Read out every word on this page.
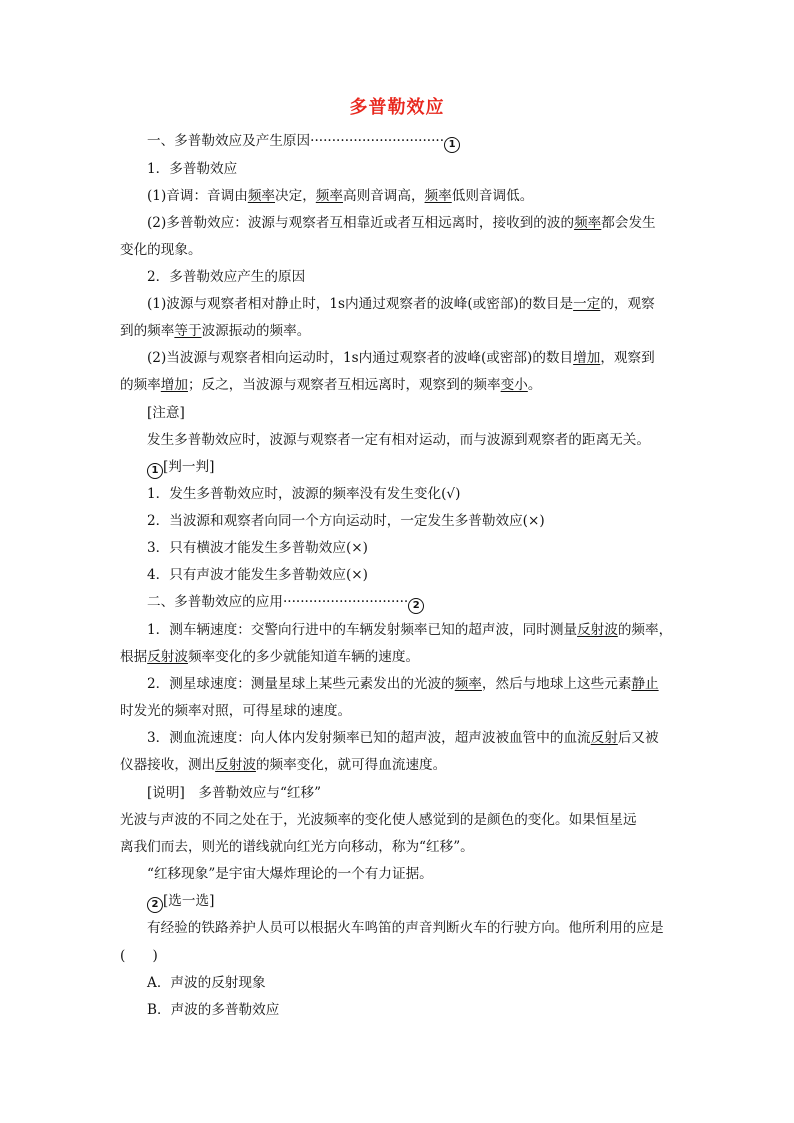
多普勒效应
一、多普勒效应及产生原因······························· 1
1．多普勒效应
(1)音调：音调由频率决定，频率高则音调高，频率低则音调低。
(2)多普勒效应：波源与观察者互相靠近或者互相远离时，接收到的波的频率都会发生
变化的现象。
2．多普勒效应产生的原因
(1)波源与观察者相对静止时，1s内通过观察者的波峰(或密部)的数目是一定的，观察
到的频率等于波源振动的频率。
(2)当波源与观察者相向运动时，1s内通过观察者的波峰(或密部)的数目增加，观察到
的频率增加；反之，当波源与观察者互相远离时，观察到的频率变小。
[注意]
发生多普勒效应时，波源与观察者一定有相对运动，而与波源到观察者的距离无关。
1 [判一判]
1．发生多普勒效应时，波源的频率没有发生变化(√)
2．当波源和观察者向同一个方向运动时，一定发生多普勒效应(×)
3．只有横波才能发生多普勒效应(×)
4．只有声波才能发生多普勒效应(×)
二、多普勒效应的应用····························· 2
1．测车辆速度：交警向行进中的车辆发射频率已知的超声波，同时测量反射波的频率，
根据反射波频率变化的多少就能知道车辆的速度。
2．测星球速度：测量星球上某些元素发出的光波的频率，然后与地球上这些元素静止
时发光的频率对照，可得星球的速度。
3．测血流速度：向人体内发射频率已知的超声波，超声波被血管中的血流反射后又被
仪器接收，测出反射波的频率变化，就可得血流速度。
[说明]　多普勒效应与“红移”
光波与声波的不同之处在于，光波频率的变化使人感觉到的是颜色的变化。如果恒星远
离我们而去，则光的谱线就向红光方向移动，称为“红移”。
“红移现象”是宇宙大爆炸理论的一个有力证据。
2 [选一选]
有经验的铁路养护人员可以根据火车鸣笛的声音判断火车的行驶方向。他所利用的应是
(　　)
A．声波的反射现象
B．声波的多普勒效应
